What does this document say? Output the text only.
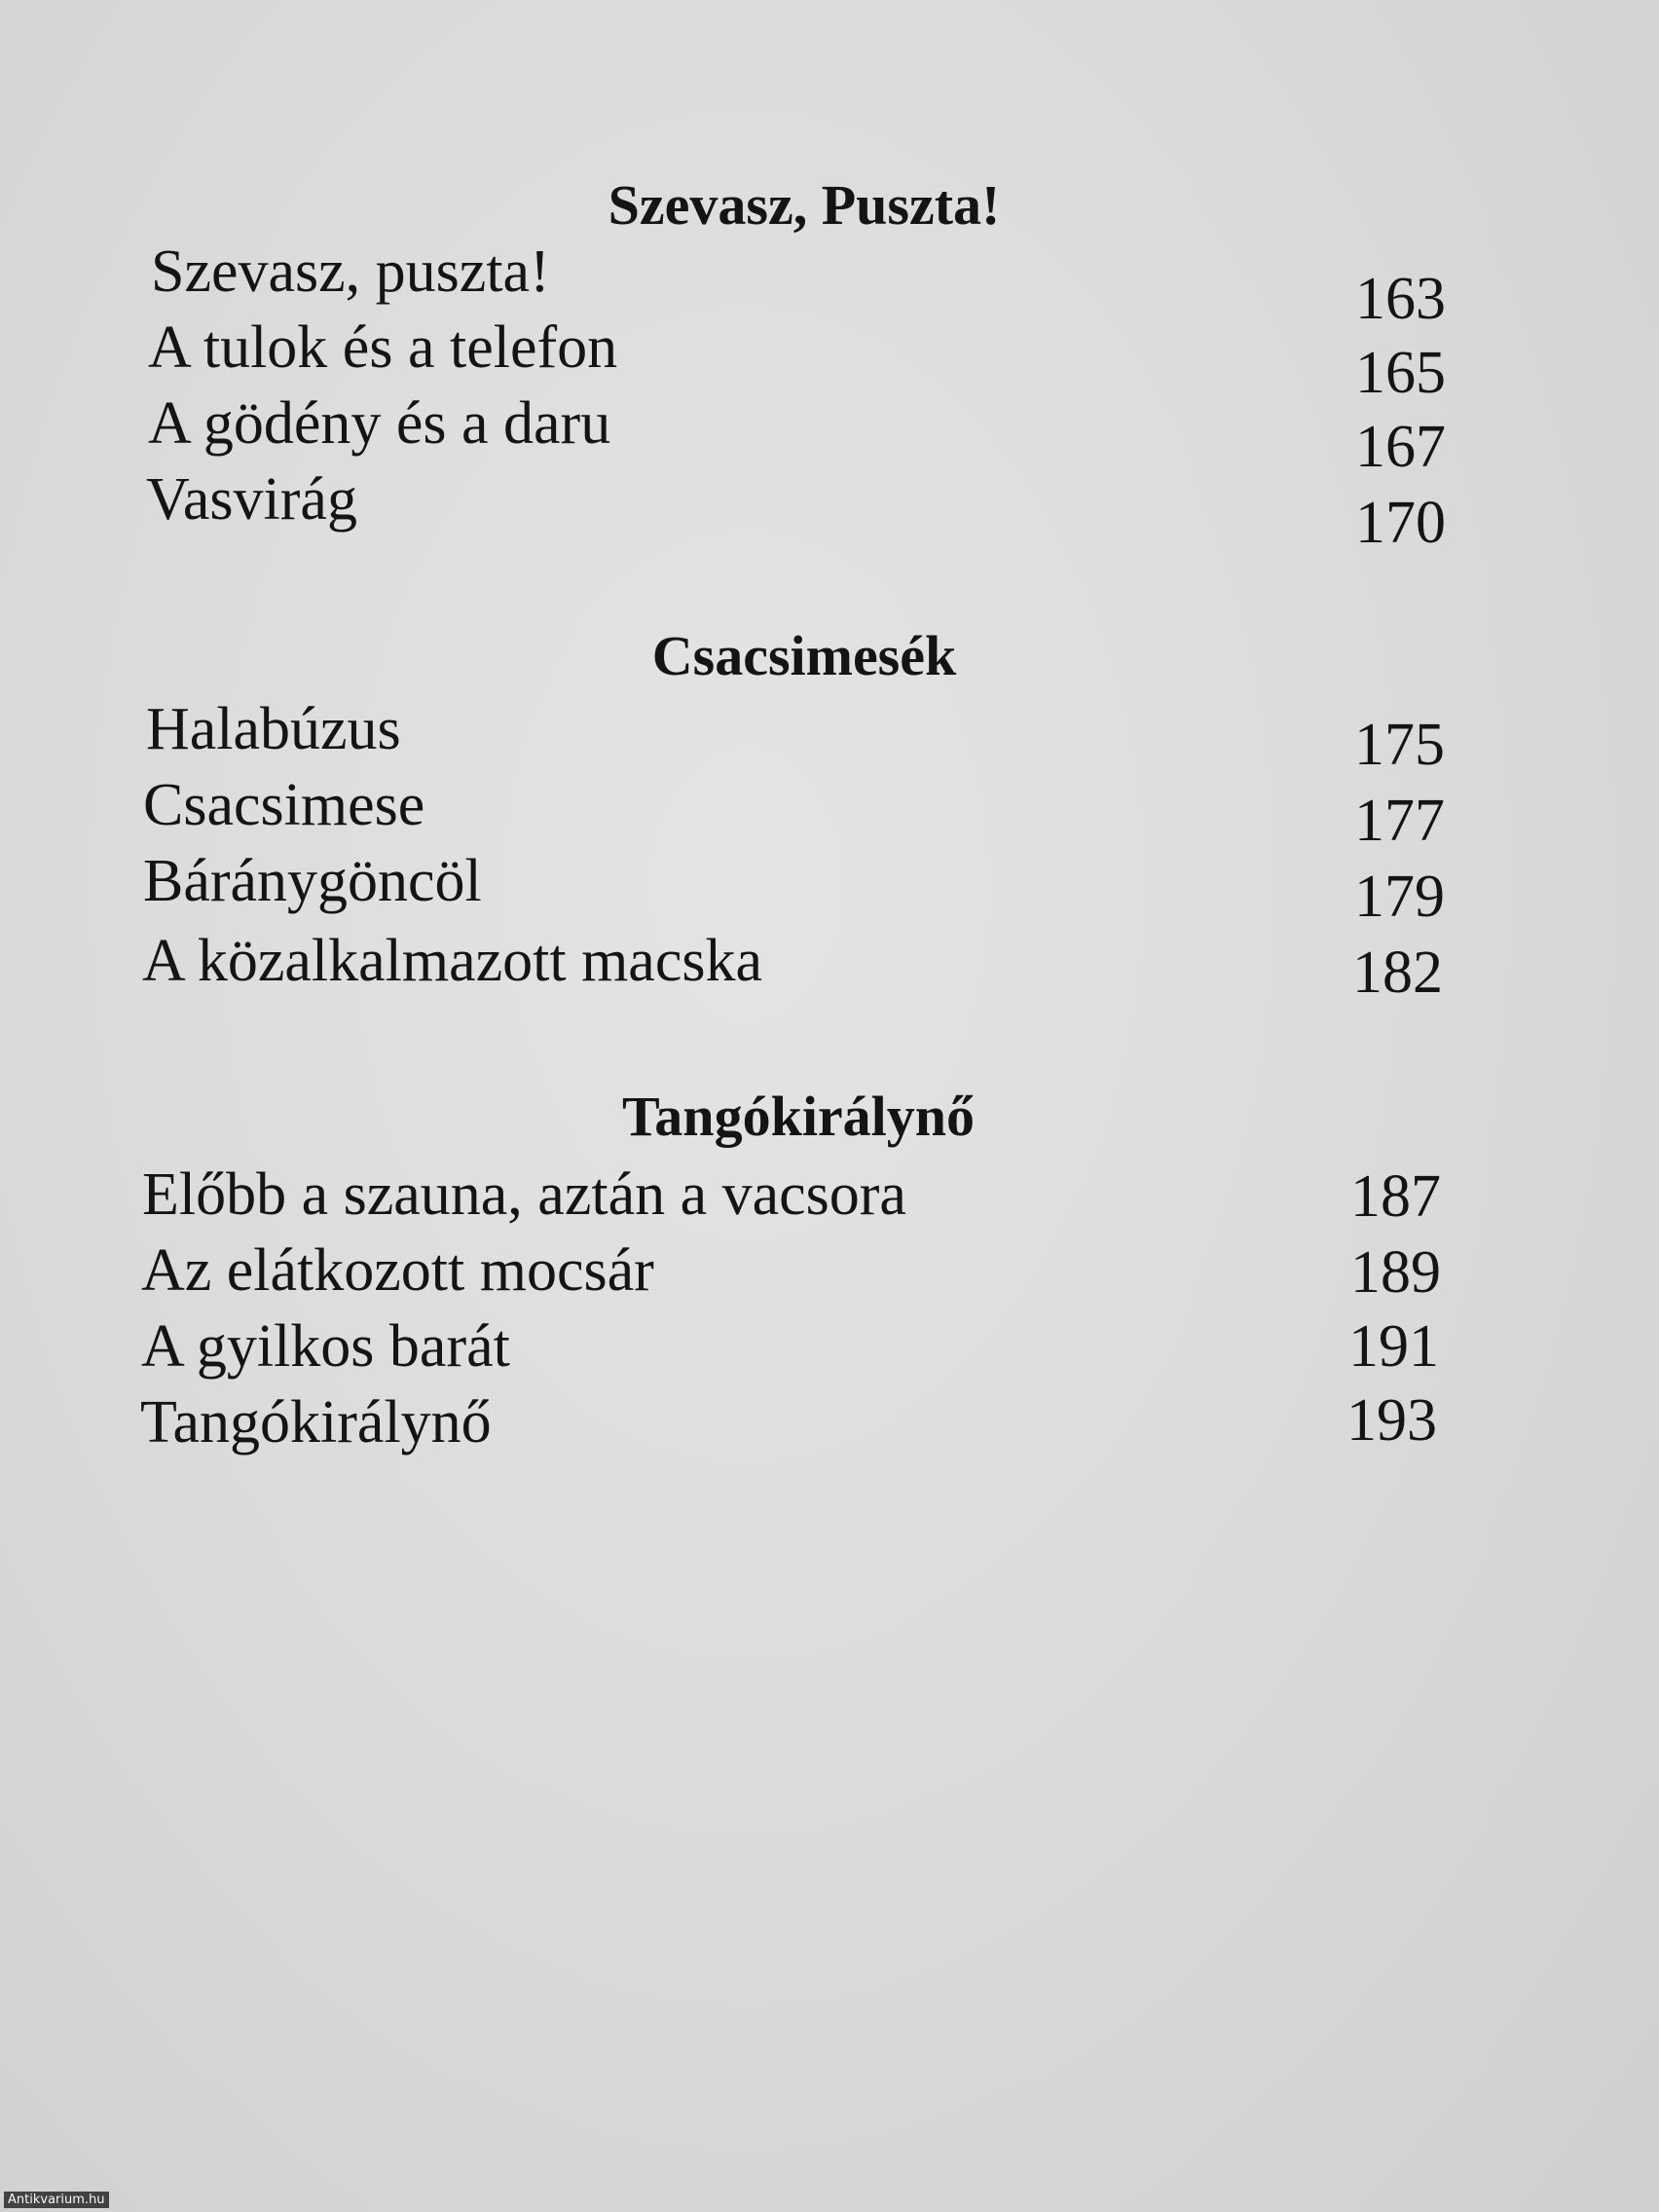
Szevasz, Puszta!
Szevasz, puszta!	163
A tulok és a telefon	165
A gödény és a daru	167
Vasvirág	170
Csacsimesék
Halabúzus	175
Csacsimese	177
Báránygöncöl	179
A közalkalmazott macska	182
Tangókirálynő
Előbb a szauna, aztán a vacsora	187
Az elátkozott mocsár	189
A gyilkos barát	191
Tangókirálynő	193
Antikvarium.hu
